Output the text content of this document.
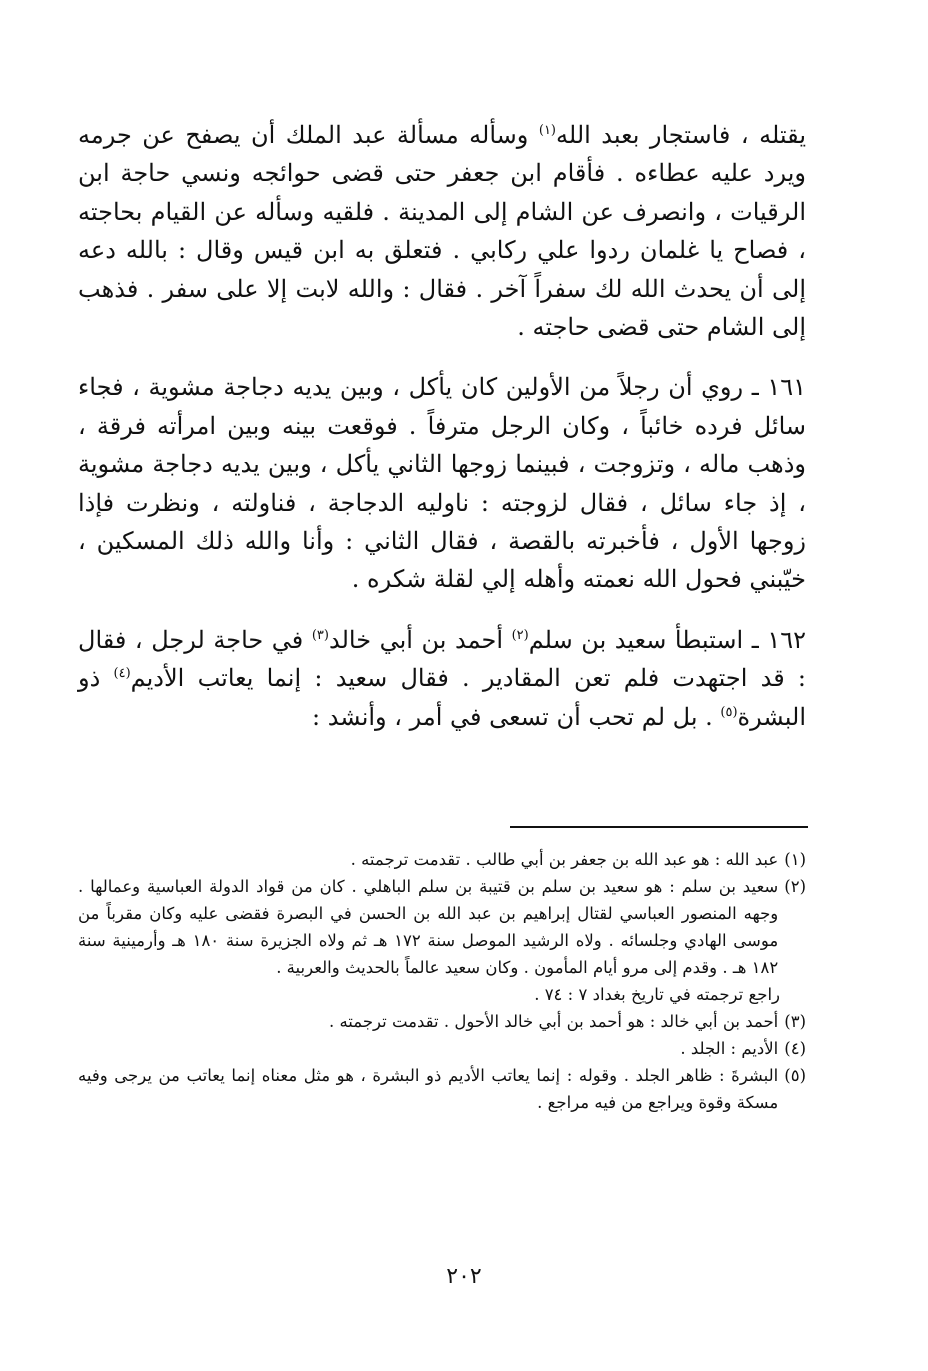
يقتله ، فاستجار بعبد الله$^{(١)}$ وسأله مسألة عبد الملك أن يصفح عن جرمه ويرد عليه عطاءه . فأقام ابن جعفر حتى قضى حوائجه ونسي حاجة ابن الرقيات ، وانصرف عن الشام إلى المدينة . فلقيه وسأله عن القيام بحاجته ، فصاح يا غلمان ردوا علي ركابي . فتعلق به ابن قيس وقال : بالله دعه إلى أن يحدث الله لك سفراً آخر . فقال : والله لابت إلا على سفر . فذهب إلى الشام حتى قضى حاجته .

١٦١ ـ روي أن رجلاً من الأولين كان يأكل ، وبين يديه دجاجة مشوية ، فجاء سائل فرده خائباً ، وكان الرجل مترفاً . فوقعت بينه وبين امرأته فرقة ، وذهب ماله ، وتزوجت ، فبينما زوجها الثاني يأكل ، وبين يديه دجاجة مشوية ، إذ جاء سائل ، فقال لزوجته : ناوليه الدجاجة ، فناولته ، ونظرت فإذا زوجها الأول ، فأخبرته بالقصة ، فقال الثاني : وأنا والله ذلك المسكين ، خيّبني فحول الله نعمته وأهله إلي لقلة شكره .

١٦٢ ـ استبطأ سعيد بن سلم$^{(٢)}$ أحمد بن أبي خالد$^{(٣)}$ في حاجة لرجل ، فقال : قد اجتهدت فلم تعن المقادير . فقال سعيد : إنما يعاتب الأديم$^{(٤)}$ ذو البشرة$^{(٥)}$ . بل لم تحب أن تسعى في أمر ، وأنشد :

(١)
عبد الله : هو عبد الله بن جعفر بن أبي طالب . تقدمت ترجمته .
(٢)
سعيد بن سلم : هو سعيد بن سلم بن قتيبة بن سلم الباهلي . كان من قواد الدولة العباسية وعمالها . وجهه المنصور العباسي لقتال إبراهيم بن عبد الله بن الحسن في البصرة فقضى عليه وكان مقرباً من موسى الهادي وجلسائه . ولاه الرشيد الموصل سنة ١٧٢ هـ ثم ولاه الجزيرة سنة ١٨٠ هـ وأرمينية سنة ١٨٢ هـ . وقدم إلى مرو أيام المأمون . وكان سعيد عالماً بالحديث والعربية .
راجع ترجمته في تاريخ بغداد ٧ : ٧٤ .
(٣)
أحمد بن أبي خالد : هو أحمد بن أبي خالد الأحول . تقدمت ترجمته .
(٤)
الأديم : الجلد .
(٥)
البشرةَ : ظاهر الجلد . وقوله : إنما يعاتب الأديم ذو البشرة ، هو مثل معناه إنما يعاتب من يرجى وفيه مسكة وقوة ويراجع من فيه مراجع .
٢٠٢
